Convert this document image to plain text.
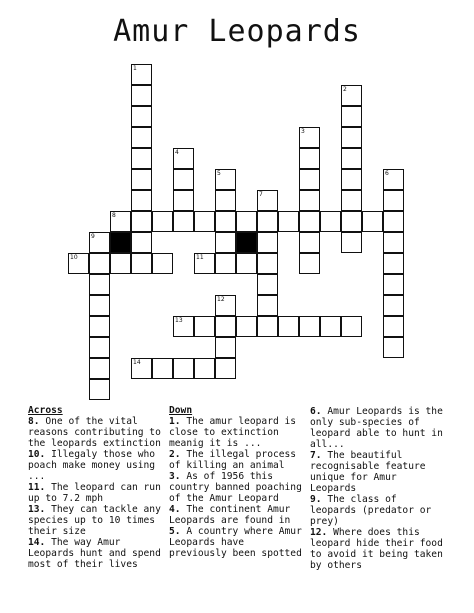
Amur Leopards
1
2
3
4
5	6
7
8
9
10	11
12
13
14
Across
8. One of the vital reasons contributing to the leopards extinction
10. Illegaly those who poach make money using ...
11. The leopard can run up to 7.2 mph
13. They can tackle any species up to 10 times their size
14. The way Amur Leopards hunt and spend most of their lives
Down
1. The amur leopard is close to extinction meanig it is ...
2. The illegal process of killing an animal
3. As of 1956 this country banned poaching of the Amur Leopard
4. The continent Amur Leopards are found in
5. A country where Amur Leopards have previously been spotted
6. Amur Leopards is the only sub-species of leopard able to hunt in all...
7. The beautiful recognisable feature unique for Amur Leopards
9. The class of leopards (predator or prey)
12. Where does this leopard hide their food to avoid it being taken by others
